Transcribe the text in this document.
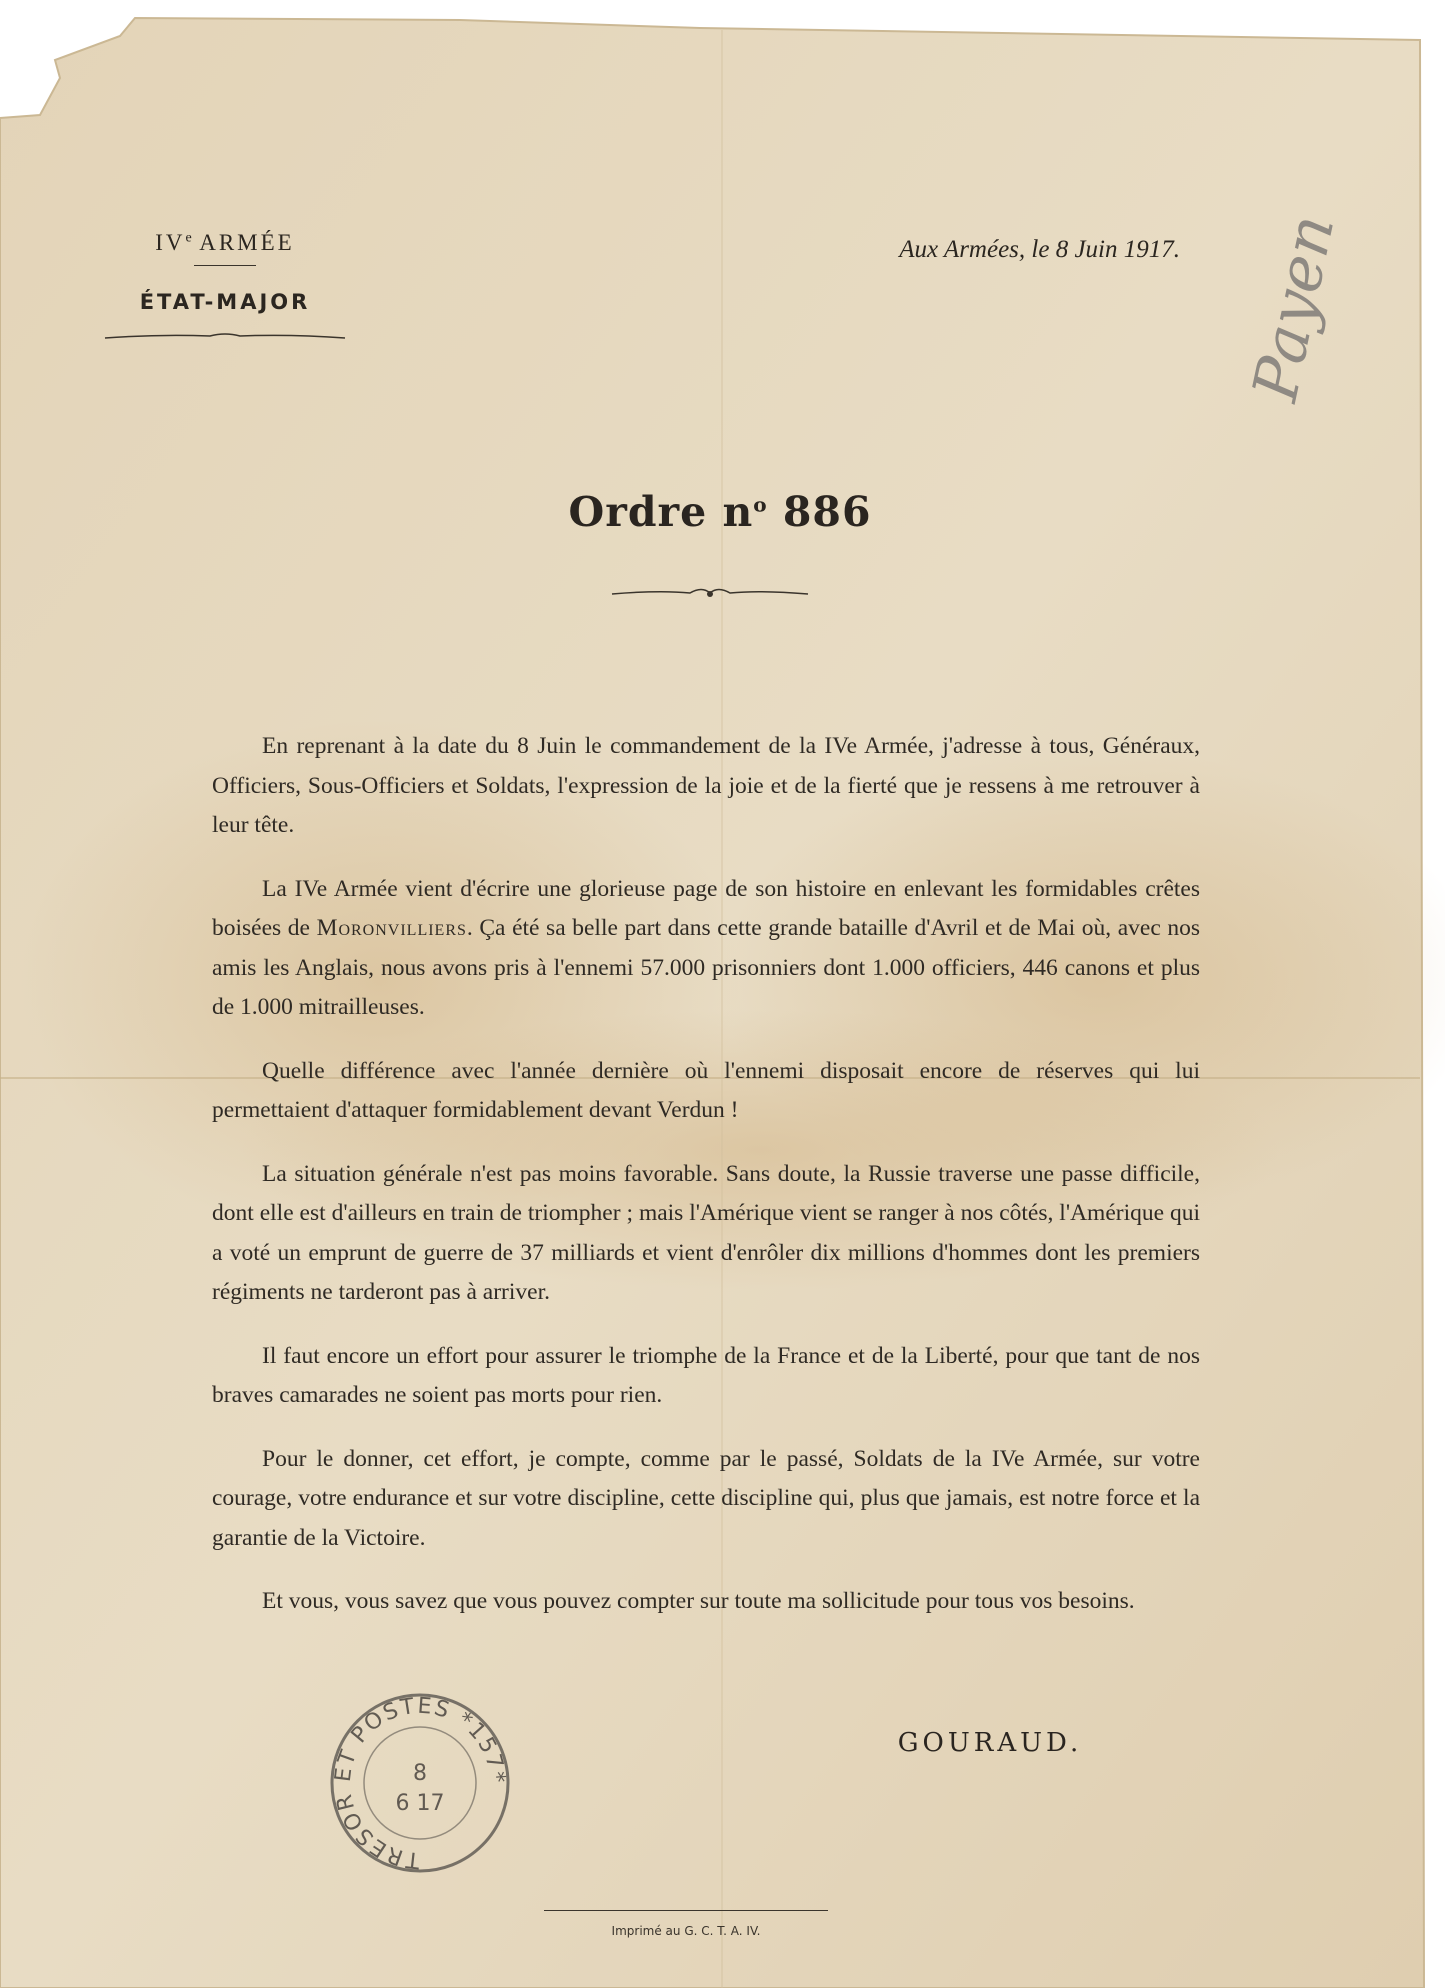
IVe ARMÉE
ÉTAT-MAJOR
Aux Armées, le 8 Juin 1917. Payen
Ordre $n^o$ 886

En reprenant à la date du 8 Juin le commandement de la IVe Armée, j'adresse à tous, Généraux, Officiers, Sous-Officiers et Soldats, l'expression de la joie et de la fierté que je ressens à me retrouver à leur tête.

La IVe Armée vient d'écrire une glorieuse page de son histoire en enlevant les formidables crêtes boisées de Moronvilliers. Ça été sa belle part dans cette grande bataille d'Avril et de Mai où, avec nos amis les Anglais, nous avons pris à l'ennemi 57.000 prisonniers dont 1.000 officiers, 446 canons et plus de 1.000 mitrailleuses.

Quelle différence avec l'année dernière où l'ennemi disposait encore de réserves qui lui permettaient d'attaquer formidablement devant Verdun !

La situation générale n'est pas moins favorable. Sans doute, la Russie traverse une passe difficile, dont elle est d'ailleurs en train de triompher ; mais l'Amérique vient se ranger à nos côtés, l'Amérique qui a voté un emprunt de guerre de 37 milliards et vient d'enrôler dix millions d'hommes dont les premiers régiments ne tarderont pas à arriver.

Il faut encore un effort pour assurer le triomphe de la France et de la Liberté, pour que tant de nos braves camarades ne soient pas morts pour rien.

Pour le donner, cet effort, je compte, comme par le passé, Soldats de la IVe Armée, sur votre courage, votre endurance et sur votre discipline, cette discipline qui, plus que jamais, est notre force et la garantie de la Victoire.

Et vous, vous savez que vous pouvez compter sur toute ma sollicitude pour tous vos besoins.

GOURAUD.
TRESOR ET POSTES *157*
8
6 17
Imprimé au G. C. T. A. IV.
